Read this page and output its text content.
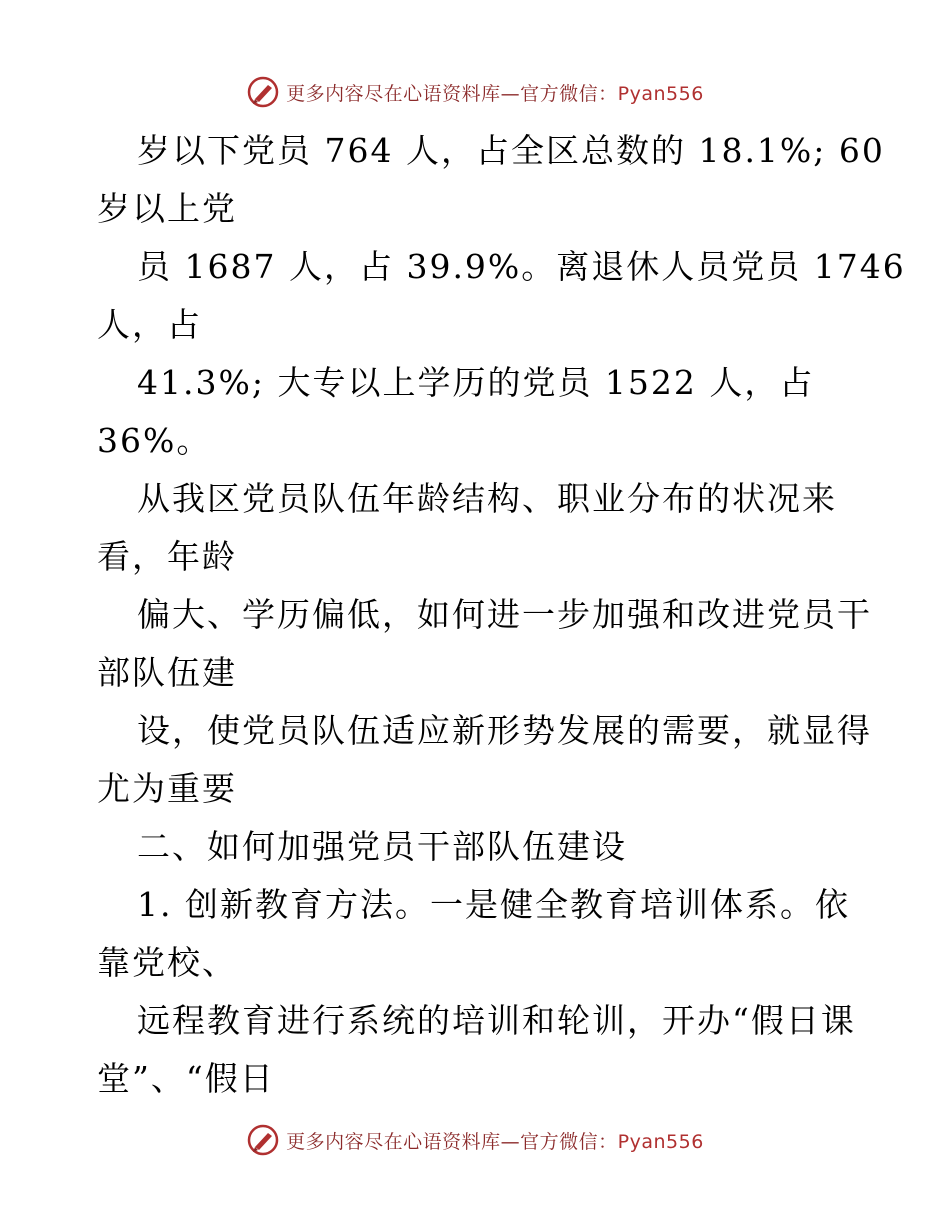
更多内容尽在心语资料库—官方微信：Pyan556
岁以下党员 764 人，占全区总数的 18.1%; 60
岁以上党
员 1687 人，占 39.9%。离退休人员党员 1746
人，占
41.3%; 大专以上学历的党员 1522 人，占
36%。
从我区党员队伍年龄结构、职业分布的状况来
看，年龄
偏大、学历偏低，如何进一步加强和改进党员干
部队伍建
设，使党员队伍适应新形势发展的需要，就显得
尤为重要
二、如何加强党员干部队伍建设
1. 创新教育方法。一是健全教育培训体系。依
靠党校、
远程教育进行系统的培训和轮训，开办“假日课
堂”、“假日
更多内容尽在心语资料库—官方微信：Pyan556
